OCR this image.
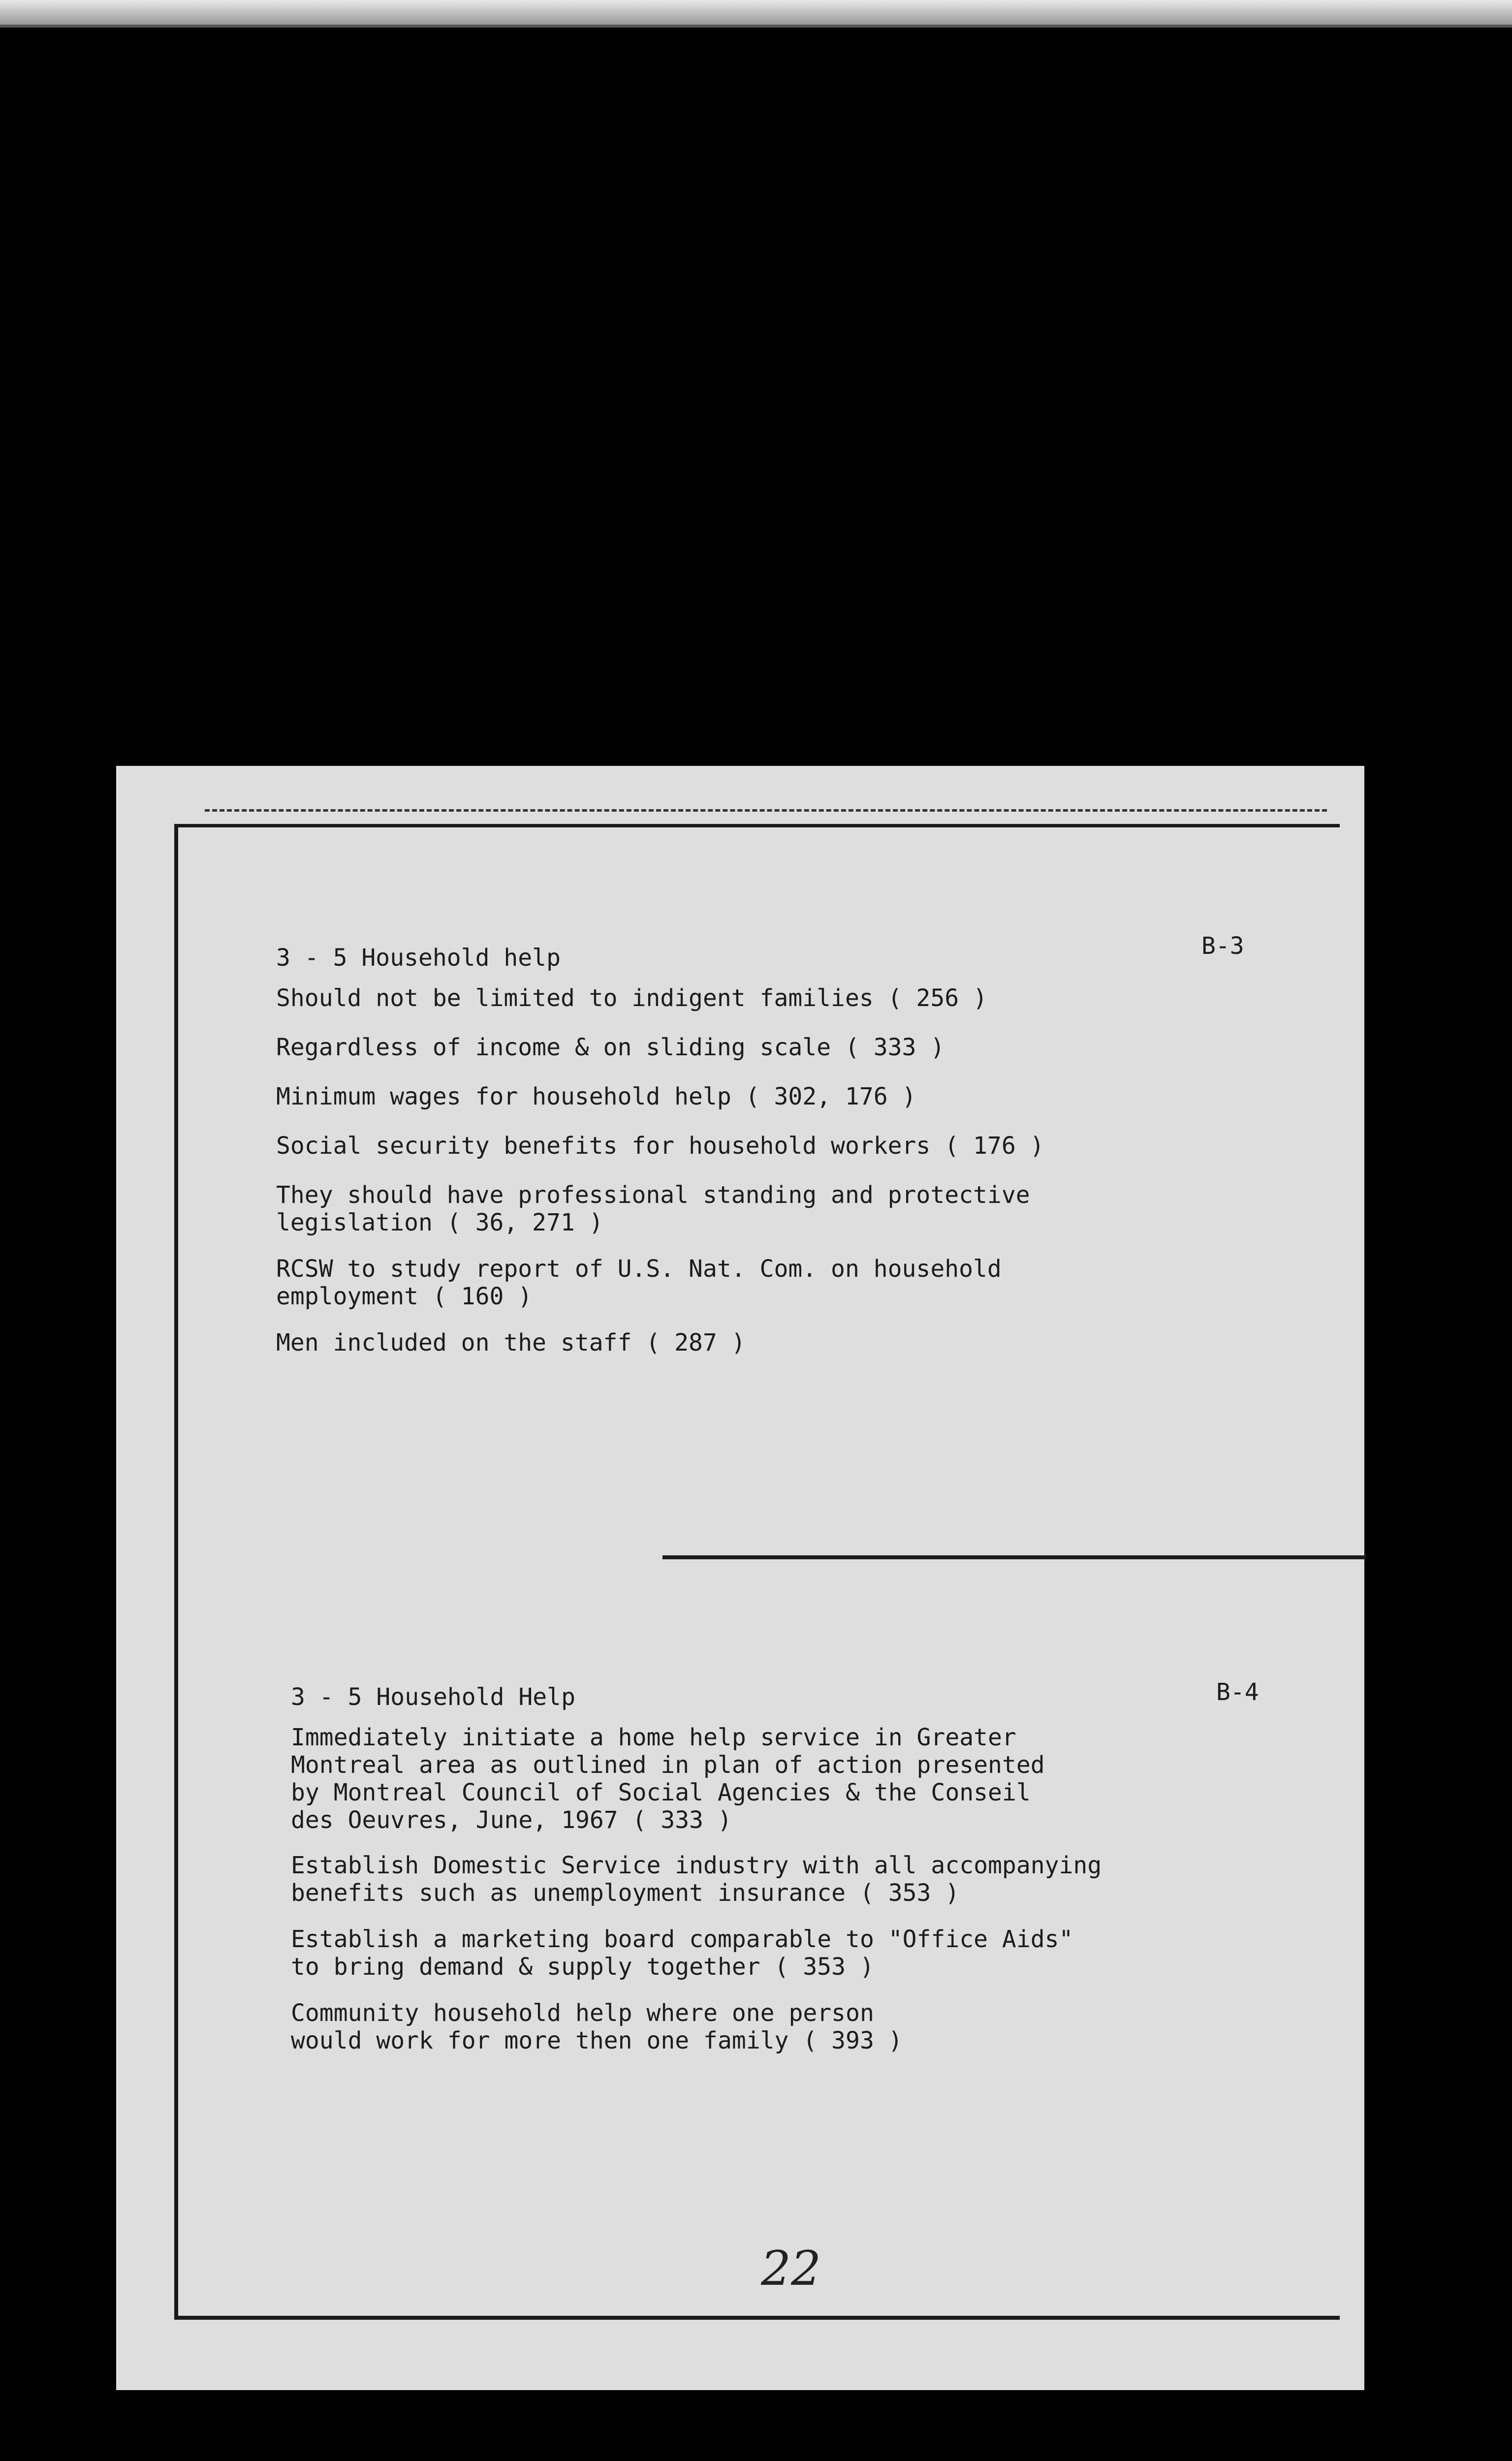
3 - 5 Household help	B-3
Should not be limited to indigent families ( 256 )
Regardless of income & on sliding scale ( 333 )
Minimum wages for household help ( 302, 176 )
Social security benefits for household workers ( 176 )
They should have professional standing and protective
legislation ( 36, 271 )
RCSW to study report of U.S. Nat. Com. on household
employment ( 160 )
Men included on the staff ( 287 )
3 - 5 Household Help	B-4
Immediately initiate a home help service in Greater
Montreal area as outlined in plan of action presented
by Montreal Council of Social Agencies & the Conseil
des Oeuvres, June, 1967 ( 333 )
Establish Domestic Service industry with all accompanying
benefits such as unemployment insurance ( 353 )
Establish a marketing board comparable to "Office Aids"
to bring demand & supply together ( 353 )
Community household help where one person
would work for more then one family ( 393 )
22
